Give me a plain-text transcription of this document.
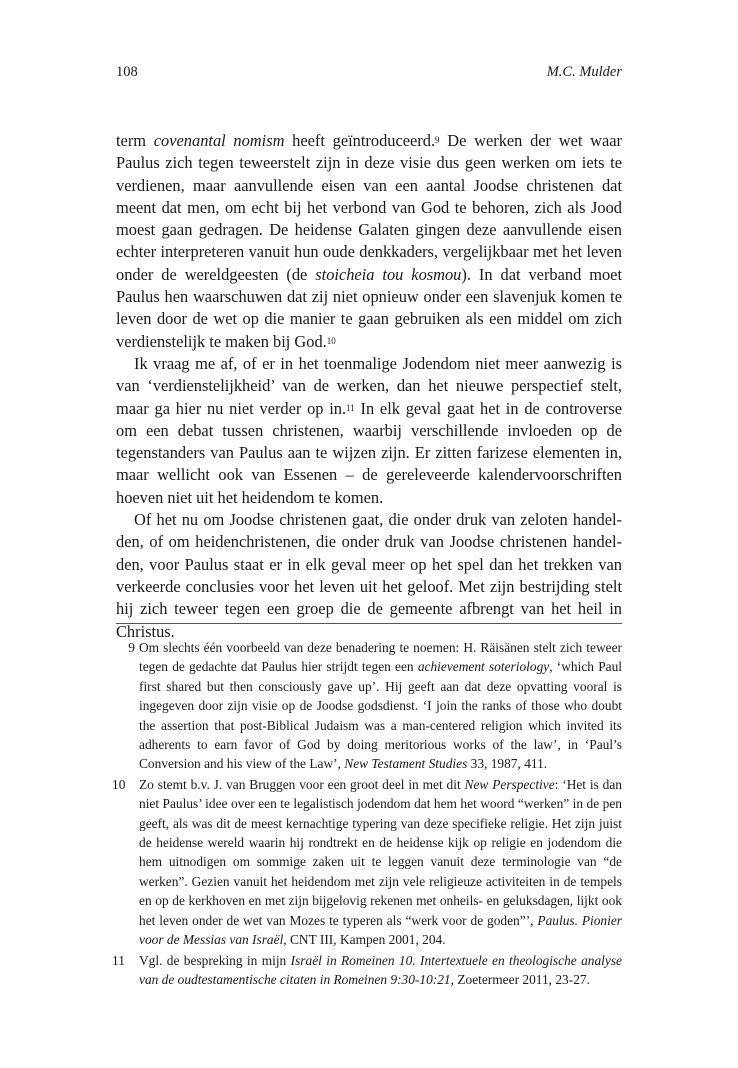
108	M.C. Mulder

term covenantal nomism heeft geïntroduceerd.9 De werken der wet waar Paulus zich tegen teweerstelt zijn in deze visie dus geen werken om iets te verdienen, maar aanvullende eisen van een aantal Joodse christenen dat meent dat men, om echt bij het verbond van God te behoren, zich als Jood moest gaan gedragen. De heidense Galaten gingen deze aanvullende eisen echter interpreteren vanuit hun oude denkkaders, vergelijkbaar met het leven onder de wereldgeesten (de stoicheia tou kosmou). In dat verband moet Paulus hen waarschuwen dat zij niet opnieuw onder een slavenjuk komen te leven door de wet op die manier te gaan gebruiken als een middel om zich verdienstelijk te maken bij God.10

Ik vraag me af, of er in het toenmalige Jodendom niet meer aanwezig is van ‘verdienstelijkheid’ van de werken, dan het nieuwe perspectief stelt, maar ga hier nu niet verder op in.11 In elk geval gaat het in de controverse om een debat tussen christenen, waarbij verschillende invloeden op de tegenstanders van Paulus aan te wijzen zijn. Er zitten farizese elementen in, maar wellicht ook van Essenen – de gereleveerde kalendervoorschriften hoeven niet uit het heidendom te komen.

Of het nu om Joodse christenen gaat, die onder druk van zeloten handelden, of om heidenchristenen, die onder druk van Joodse christenen handelden, voor Paulus staat er in elk geval meer op het spel dan het trekken van verkeerde conclusies voor het leven uit het geloof. Met zijn bestrijding stelt hij zich teweer tegen een groep die de gemeente afbrengt van het heil in Christus.

9 Om slechts één voorbeeld van deze benadering te noemen: H. Räisänen stelt zich teweer tegen de gedachte dat Paulus hier strijdt tegen een achievement soteriology, ‘which Paul first shared but then consciously gave up’. Hij geeft aan dat deze opvatting vooral is ingegeven door zijn visie op de Joodse godsdienst. ‘I join the ranks of those who doubt the assertion that post-Biblical Judaism was a man-centered religion which invited its adherents to earn favor of God by doing meritorious works of the law’, in ‘Paul’s Conversion and his view of the Law’, New Testament Studies 33, 1987, 411.
10	Zo stemt b.v. J. van Bruggen voor een groot deel in met dit New Perspective: ‘Het is dan niet Paulus’ idee over een te legalistisch jodendom dat hem het woord “werken” in de pen geeft, als was dit de meest kernachtige typering van deze specifieke religie. Het zijn juist de heidense wereld waarin hij rondtrekt en de heidense kijk op religie en jodendom die hem uitnodigen om sommige zaken uit te leggen vanuit deze terminologie van “de werken”. Gezien vanuit het heidendom met zijn vele religieuze activiteiten in de tempels en op de kerkhoven en met zijn bijgelovig rekenen met onheils- en geluksdagen, lijkt ook het leven onder de wet van Mozes te typeren als “werk voor de goden”’, Paulus. Pionier voor de Messias van Israël, CNT III, Kampen 2001, 204.
11	Vgl. de bespreking in mijn Israël in Romeinen 10. Intertextuele en theologische analyse van de oudtestamentische citaten in Romeinen 9:30-10:21, Zoetermeer 2011, 23-27.
